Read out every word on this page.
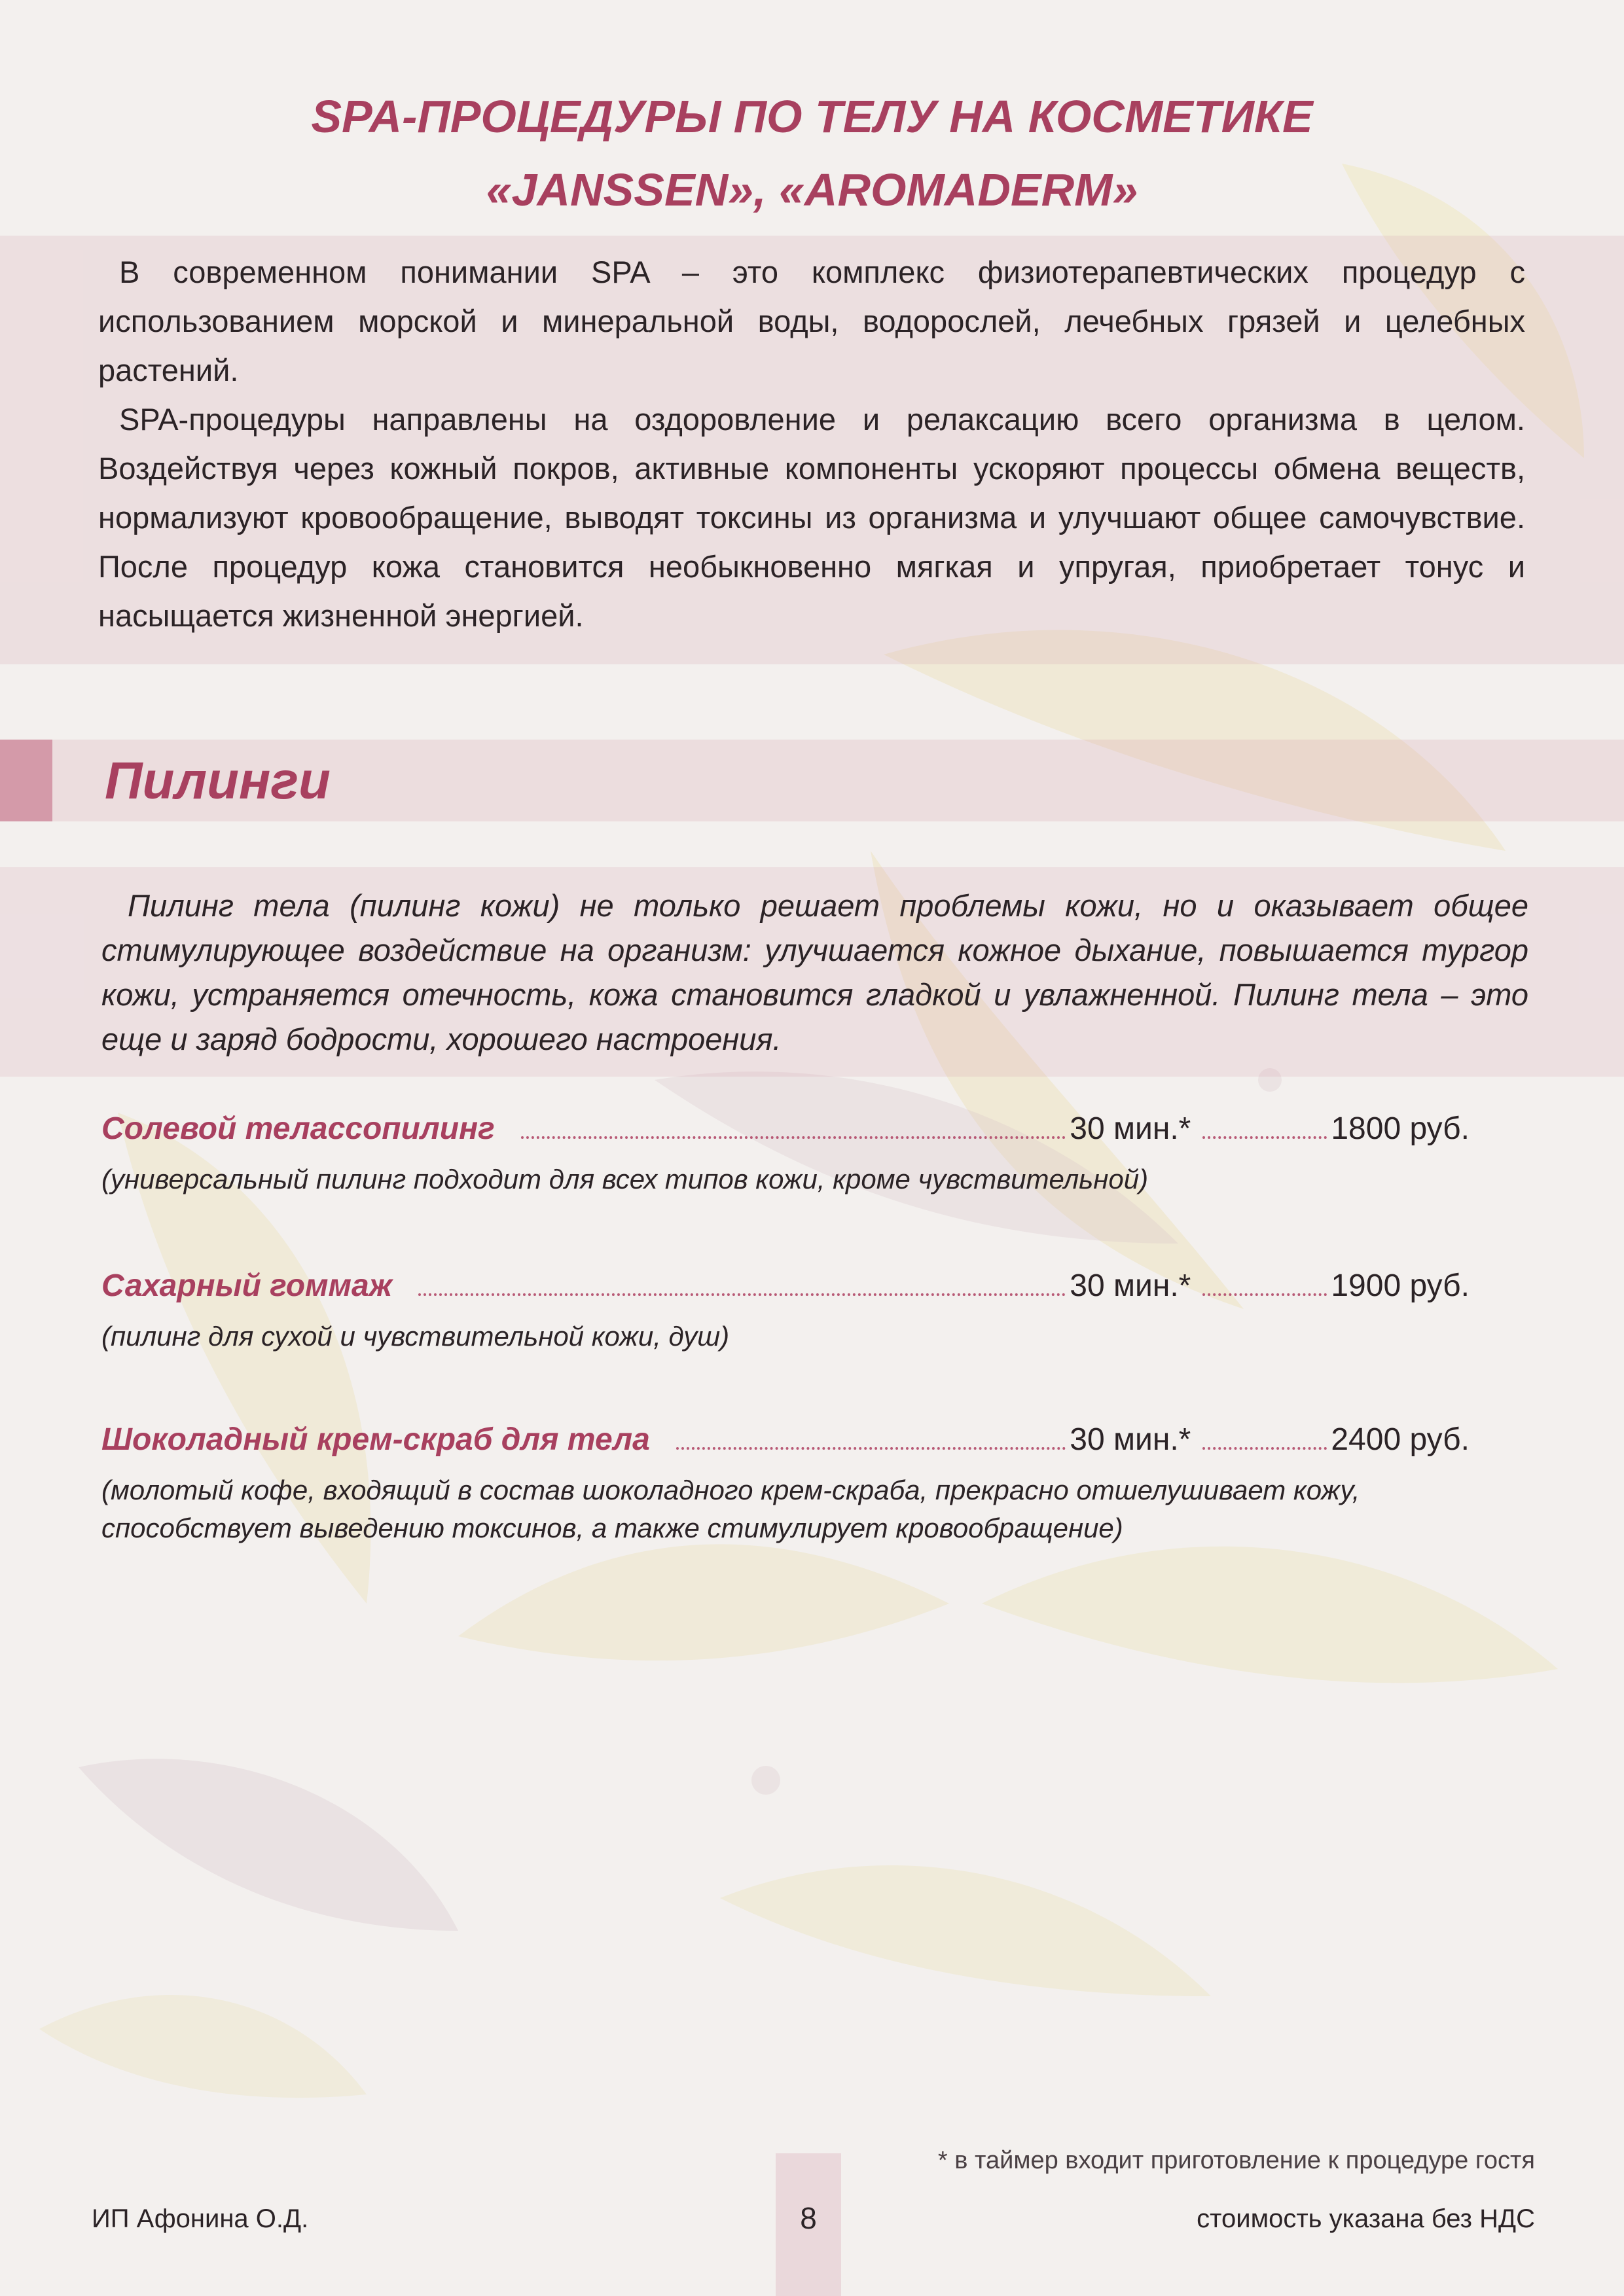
SPA-ПРОЦЕДУРЫ ПО ТЕЛУ НА КОСМЕТИКЕ
«JANSSEN», «AROMADERM»

В современном понимании SPA – это комплекс физиотерапевтических процедур с использованием морской и минеральной воды, водорослей, лечебных грязей и целебных растений.

SPA-процедуры направлены на оздоровление и релаксацию всего организма в целом. Воздействуя через кожный покров, активные компоненты ускоряют процессы обмена веществ, нормализуют кровообращение, выводят токсины из организма и улучшают общее самочувствие. После процедур кожа становится необыкновенно мягкая и упругая, приобретает тонус и насыщается жизненной энергией.

Пилинги

Пилинг тела (пилинг кожи) не только решает проблемы кожи, но и оказывает общее стимулирующее воздействие на организм: улучшается кожное дыхание, повышается тургор кожи, устраняется отечность, кожа становится гладкой и увлажненной. Пилинг тела – это еще и заряд бодрости, хорошего настроения.

Солевой телассопилинг	30 мин.*	1800 руб.
(универсальный пилинг подходит для всех типов кожи, кроме чувствительной)
Сахарный гоммаж	30 мин.*	1900 руб.
(пилинг для сухой и чувствительной кожи, душ)
Шоколадный крем-скраб для тела	30 мин.*	2400 руб.
(молотый кофе, входящий в состав шоколадного крем-скраба, прекрасно отшелушивает кожу, способствует выведению токсинов, а также стимулирует кровообращение)

* в таймер входит приготовление к процедуре гостя

8

ИП Афонина О.Д.	стоимость указана без НДС
